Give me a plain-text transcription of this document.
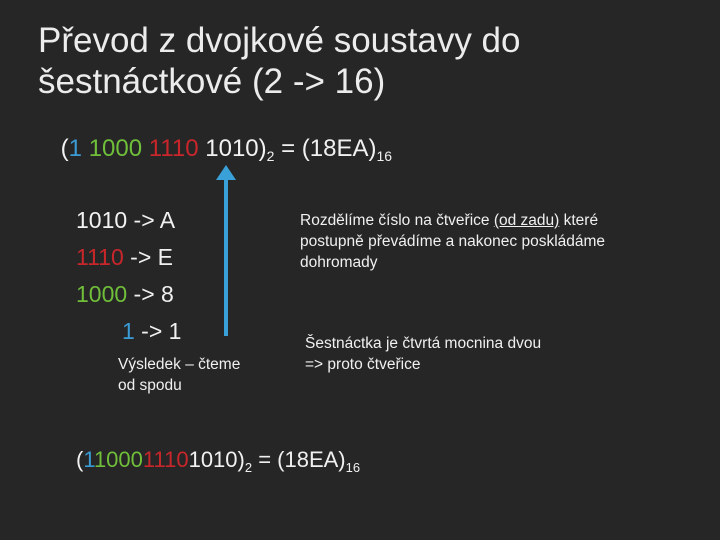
Převod z dvojkové soustavy do
šestnáctkové (2 -> 16)
(1 1000 1110 $1010)_2 = (18EA)_{16}$
1010 -> A
1110 -> E
1000 -> 8
1 -> 1
Výsledek – čteme
od spodu
Rozdělíme číslo na čtveřice (od zadu) které postupně převádíme a nakonec poskládáme dohromady
Šestnáctka je čtvrtá mocnina dvou
=> proto čtveřice
$(1100011101010)_2 = (18EA)_{16}$
